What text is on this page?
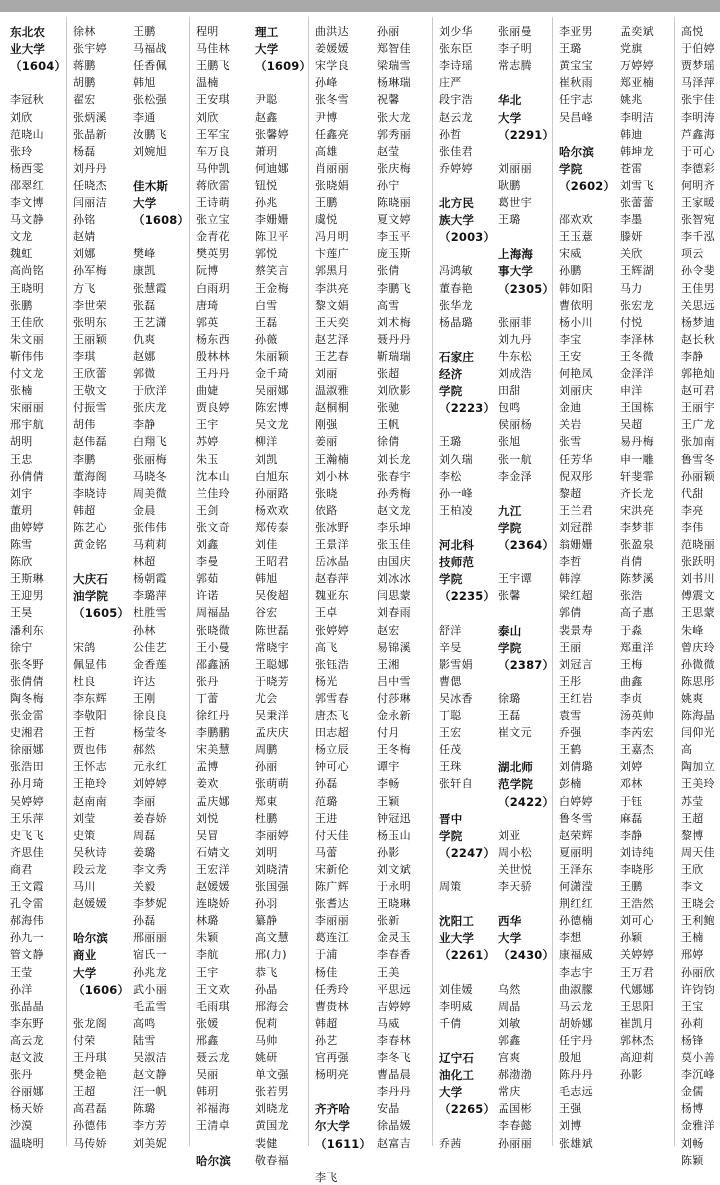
东北农
业大学
（1604）
李冠秋
刘欣
范晓山
张玲
杨西雯
邵翠红
李文博
马文静
文龙
魏虹
高尚铭
王晓明
张鹏
王佳欣
朱文丽
靳伟伟
付文龙
张楠
宋丽丽
邢宇航
胡明
王忠
孙倩倩
刘宇
董玥
曲婷婷
陈雪
陈欣
王斯琳
王迎男
王昊
潘利东
徐宁
张冬野
张倩倩
陶冬梅
张金雷
史湘君
徐丽娜
张浩田
孙月琦
吴婷婷
王乐萍
史飞飞
齐思佳
商君
王文霞
孔令雷
郝海伟
孙九一
管文静
王莹
孙洋
张晶晶
李东野
高云龙
赵文波
张丹
谷丽娜
杨天娇
沙漠
温晓明
徐林
张宇婷
蒋鹏
胡鹏
翟宏
张炳溪
张晶新
杨磊
刘丹丹
任晓杰
闫丽洁
孙铭
赵婧
刘娜
孙军梅
方飞
李世荣
张明东
王丽颖
李琪
王欣蕾
王敬文
付振雪
胡伟
赵伟磊
李鹏
董海阁
李晓诗
韩超
陈艺心
黄金铭
大庆石
油学院
（1605）
宋鸽
佩显伟
杜良
李东辉
李敬阳
王哲
贾也伟
王怀志
王艳玲
赵南南
刘莹
史策
吴秋诗
段云龙
马川
赵媛媛
哈尔滨
商业
大学
（1606）
张龙阁
付荣
王丹琪
樊金艳
王超
高君磊
孙德伟
马传娇
王鹏
马福战
任香佩
韩旭
张松强
李通
汝鹏飞
刘婉旭
佳木斯
大学
（1608）
樊峰
康凯
张慧霞
张磊
王艺潇
仇爽
赵娜
郭微
于欣洋
张庆龙
李静
白翔飞
张丽梅
马晓冬
周美微
金晨
张伟伟
马莉莉
林超
杨朝霞
李璐萍
杜胜雪
孙林
公佳艺
金香莲
许达
王刚
徐良良
杨莹冬
郝然
元永红
刘婷婷
李丽
姜春娇
周磊
姜璐
李文秀
关毅
李梦妮
孙磊
邢丽丽
宿氏一
孙兆龙
武小丽
毛孟雪
高鸣
陆雪
吴淑洁
赵文静
汪一帆
陈璐
李方芳
刘美妮
程明
马佳林
王鹏飞
温楠
王安琪
刘欣
王军宝
车万良
马仲凯
蒋欣雷
王诗萌
张立宝
金青花
樊英男
阮博
白雨玥
唐琦
郭英
杨东西
殷林林
王丹丹
曲婕
贾良婷
王宇
苏婷
朱玉
沈本山
兰佳玲
王剑
张文奇
刘鑫
李曼
郭茹
许诺
周福晶
张晓微
王小曼
邵鑫涵
张丹
丁蕾
徐红丹
李鹏鹏
宋美慧
孟博
姜欢
孟庆娜
刘悦
吴冒
石婧文
王宏洋
赵媛媛
连晓娇
林璐
朱颖
李航
王宇
王文欢
毛雨琪
张媛
邢鑫
聂云龙
吴丽
韩玥
祁福海
王清卓
哈尔滨
理工
大学
（1609）
尹聪
赵鑫
张馨婷
萧玥
何迪娜
钮悦
孙兆
李姗姗
陈卫平
郭悦
蔡笑言
王金梅
白雪
王磊
孙薇
朱丽颖
金千琦
吴丽娜
陈宏博
吴文龙
柳洋
刘凯
白旭东
孙丽路
杨欢欢
郑传泰
刘佳
王昭君
韩旭
吴俊超
谷宏
陈世磊
常晓宇
王聪娜
于晓芳
尤会
吴秉洋
孟庆庆
周鹏
孙丽
张萌萌
郑東
杜鹏
李丽婷
刘明
刘晓清
张国强
孙羽
纂静
高文慧
邢(力)
恭飞
孙晶
邢海会
倪莉
马帅
姚研
单文强
张若男
刘晓龙
黄国龙
裴健
敬春福
曲洪达
姜媛媛
宋学良
孙峰
张冬雪
尹博
任鑫亮
高雄
肖丽丽
张晓娟
王鹏
虞悦
冯月明
卞莲广
郭黑月
李洪亮
黎文娟
王天奕
赵艺泽
王艺春
刘丽
温淑雅
赵桐桐
刚强
姜丽
王瀚楠
刘小林
张晓
依路
张冰野
王景洋
岳冰晶
赵春萍
魏亚东
王卓
张婷婷
高飞
张钰浩
杨光
郭雪春
唐杰飞
田志超
杨立辰
钟可心
孙磊
范璐
王进
付天佳
马蕾
宋新伦
陈广辉
张耆达
李丽丽
葛连江
于浦
杨佳
任秀玲
曹贵林
韩超
孙艺
官再强
杨明亮
齐齐哈
尔大学
（1611）
李飞
孙丽
郑智佳
梁瑞雪
杨琳瑞
祝馨
张大龙
郭秀丽
赵莹
张庆梅
孙宁
陈晓丽
夏文婷
李玉平
庞玉斯
张倩
李鹏飞
高雪
刘术梅
聂丹丹
靳瑞瑞
张超
刘欣影
张驰
王帆
徐倩
刘长龙
张春宇
孙秀梅
赵文龙
李乐坤
张玉佳
由国庆
刘冰冰
闫思蒙
刘春雨
赵宏
易锦溪
王湘
吕中雪
付莎琳
金永新
付月
王冬梅
谭宇
李畅
王颖
钟冠迅
杨玉山
孙影
刘文斌
于永明
王晓琳
张新
金灵玉
李春香
王美
平思远
吉婷婷
马威
李春林
李冬飞
曹晶晨
李丹丹
安晶
徐晶媛
赵富吉
刘少华
张东臣
李诗瑶
庄严
段宇浩
赵云龙
孙哲
张佳君
乔婷婷
北方民
族大学
（2003）
冯鸿敏
董春艳
张华龙
杨晶璐
石家庄
经济
学院
（2223）
王璐
刘久瑞
李松
孙一峰
王柏凌
河北科
技师范
学院
（2235）
舒洋
辛旻
影雪娟
曹偲
吴冰香
丁聪
王宏
任茂
王珠
张轩自
晋中
学院
（2247）
周策
沈阳工
业大学
（2261）
刘佳媛
李明威
千倩
辽宁石
油化工
大学
（2265）
乔茜
张丽曼
李子明
常志腾
华北
大学
（2291）
刘丽丽
耿鹏
葛世宇
王璐
上海海
事大学
（2305）
张丽菲
刘九丹
牛东松
刘成浩
田甜
包鸣
侯丽杨
张旭
张一航
李金泽
九江
学院
（2364）
王宇谭
张馨
泰山
学院
（2387）
徐璐
王磊
崔文元
湖北师
范学院
（2422）
刘亚
周小松
关世悦
李天骄
西华
大学
（2430）
乌然
周晶
刘敏
郭鑫
宫爽
郝渤渤
常庆
孟国彬
李春懿
孙丽丽
李亚男
王璐
黄宝宝
崔秋雨
任宇志
吴昌峰
哈尔滨
学院
（2602）
邵欢欢
王玉薏
宋威
孙鹏
韩如阳
曹依明
杨小川
李宝
王安
何艳凤
刘丽庆
金迪
关岩
张雪
任芳华
倪双彤
黎超
王兰君
刘冠群
翁姗姗
李哲
韩淳
梁红超
郭倩
裴景寿
王丽
刘冠言
王彤
王红岩
袁雪
乔强
王鹤
刘倩璐
彭楠
白婷婷
鲁冬雪
赵荣辉
夏丽明
王泽东
何潇滢
荆红红
孙德楠
李想
康福威
李志宇
曲淑朦
马云龙
胡娇娜
任宇丹
殷旭
陈丹丹
毛志远
王强
刘博
张雄斌
孟奕斌
党旗
万婷婷
郑亚楠
姚兆
李明洁
韩迪
韩坤龙
苍雷
刘雪飞
张蕾蕾
李墨
滕妍
关欣
王辉湖
马力
张宏龙
付悦
李泽林
王冬微
金泽洋
申洋
王国栋
吴超
易丹梅
申一雕
轩斐霏
齐长龙
宋洪亮
李梦菲
张盈泉
肖倩
陈梦溪
张浩
高子惠
于淼
郑重洋
王梅
曲鑫
李贞
汤英帅
李芮宏
王嘉杰
刘婷
邓林
于钰
麻磊
李静
刘诗纯
李晓彤
王鹏
王浩然
刘可心
孙颖
关婷婷
王万君
代娜娜
王思阳
崔凯月
郭林杰
高迎莉
孙影
高悦
于伯婷
贾梦瑶
马泽萍
张宇佳
李明涛
芦鑫海
于可心
李德彩
何明齐
王家暖
张智宛
李千泓
项云
孙令斐
王佳男
关思远
杨梦迪
赵长秋
李静
郭艳灿
赵可君
王丽宇
王广龙
张加南
鲁雪冬
孙丽颖
代甜
李亮
李伟
范晓丽
张跃明
刘书川
傅震文
王思蒙
朱峰
曾庆玲
孙微微
陈思彤
姚爽
陈海晶
闫仰光
高
陶加立
王美玲
苏莹
王超
黎博
周天佳
王欣
李文
王晓会
王利鲍
王楠
邢婷
孙丽欣
许钧钧
王宝
孙莉
杨锋
莫小善
李沉峰
金儒
杨博
金雅洋
刘畅
陈颖
